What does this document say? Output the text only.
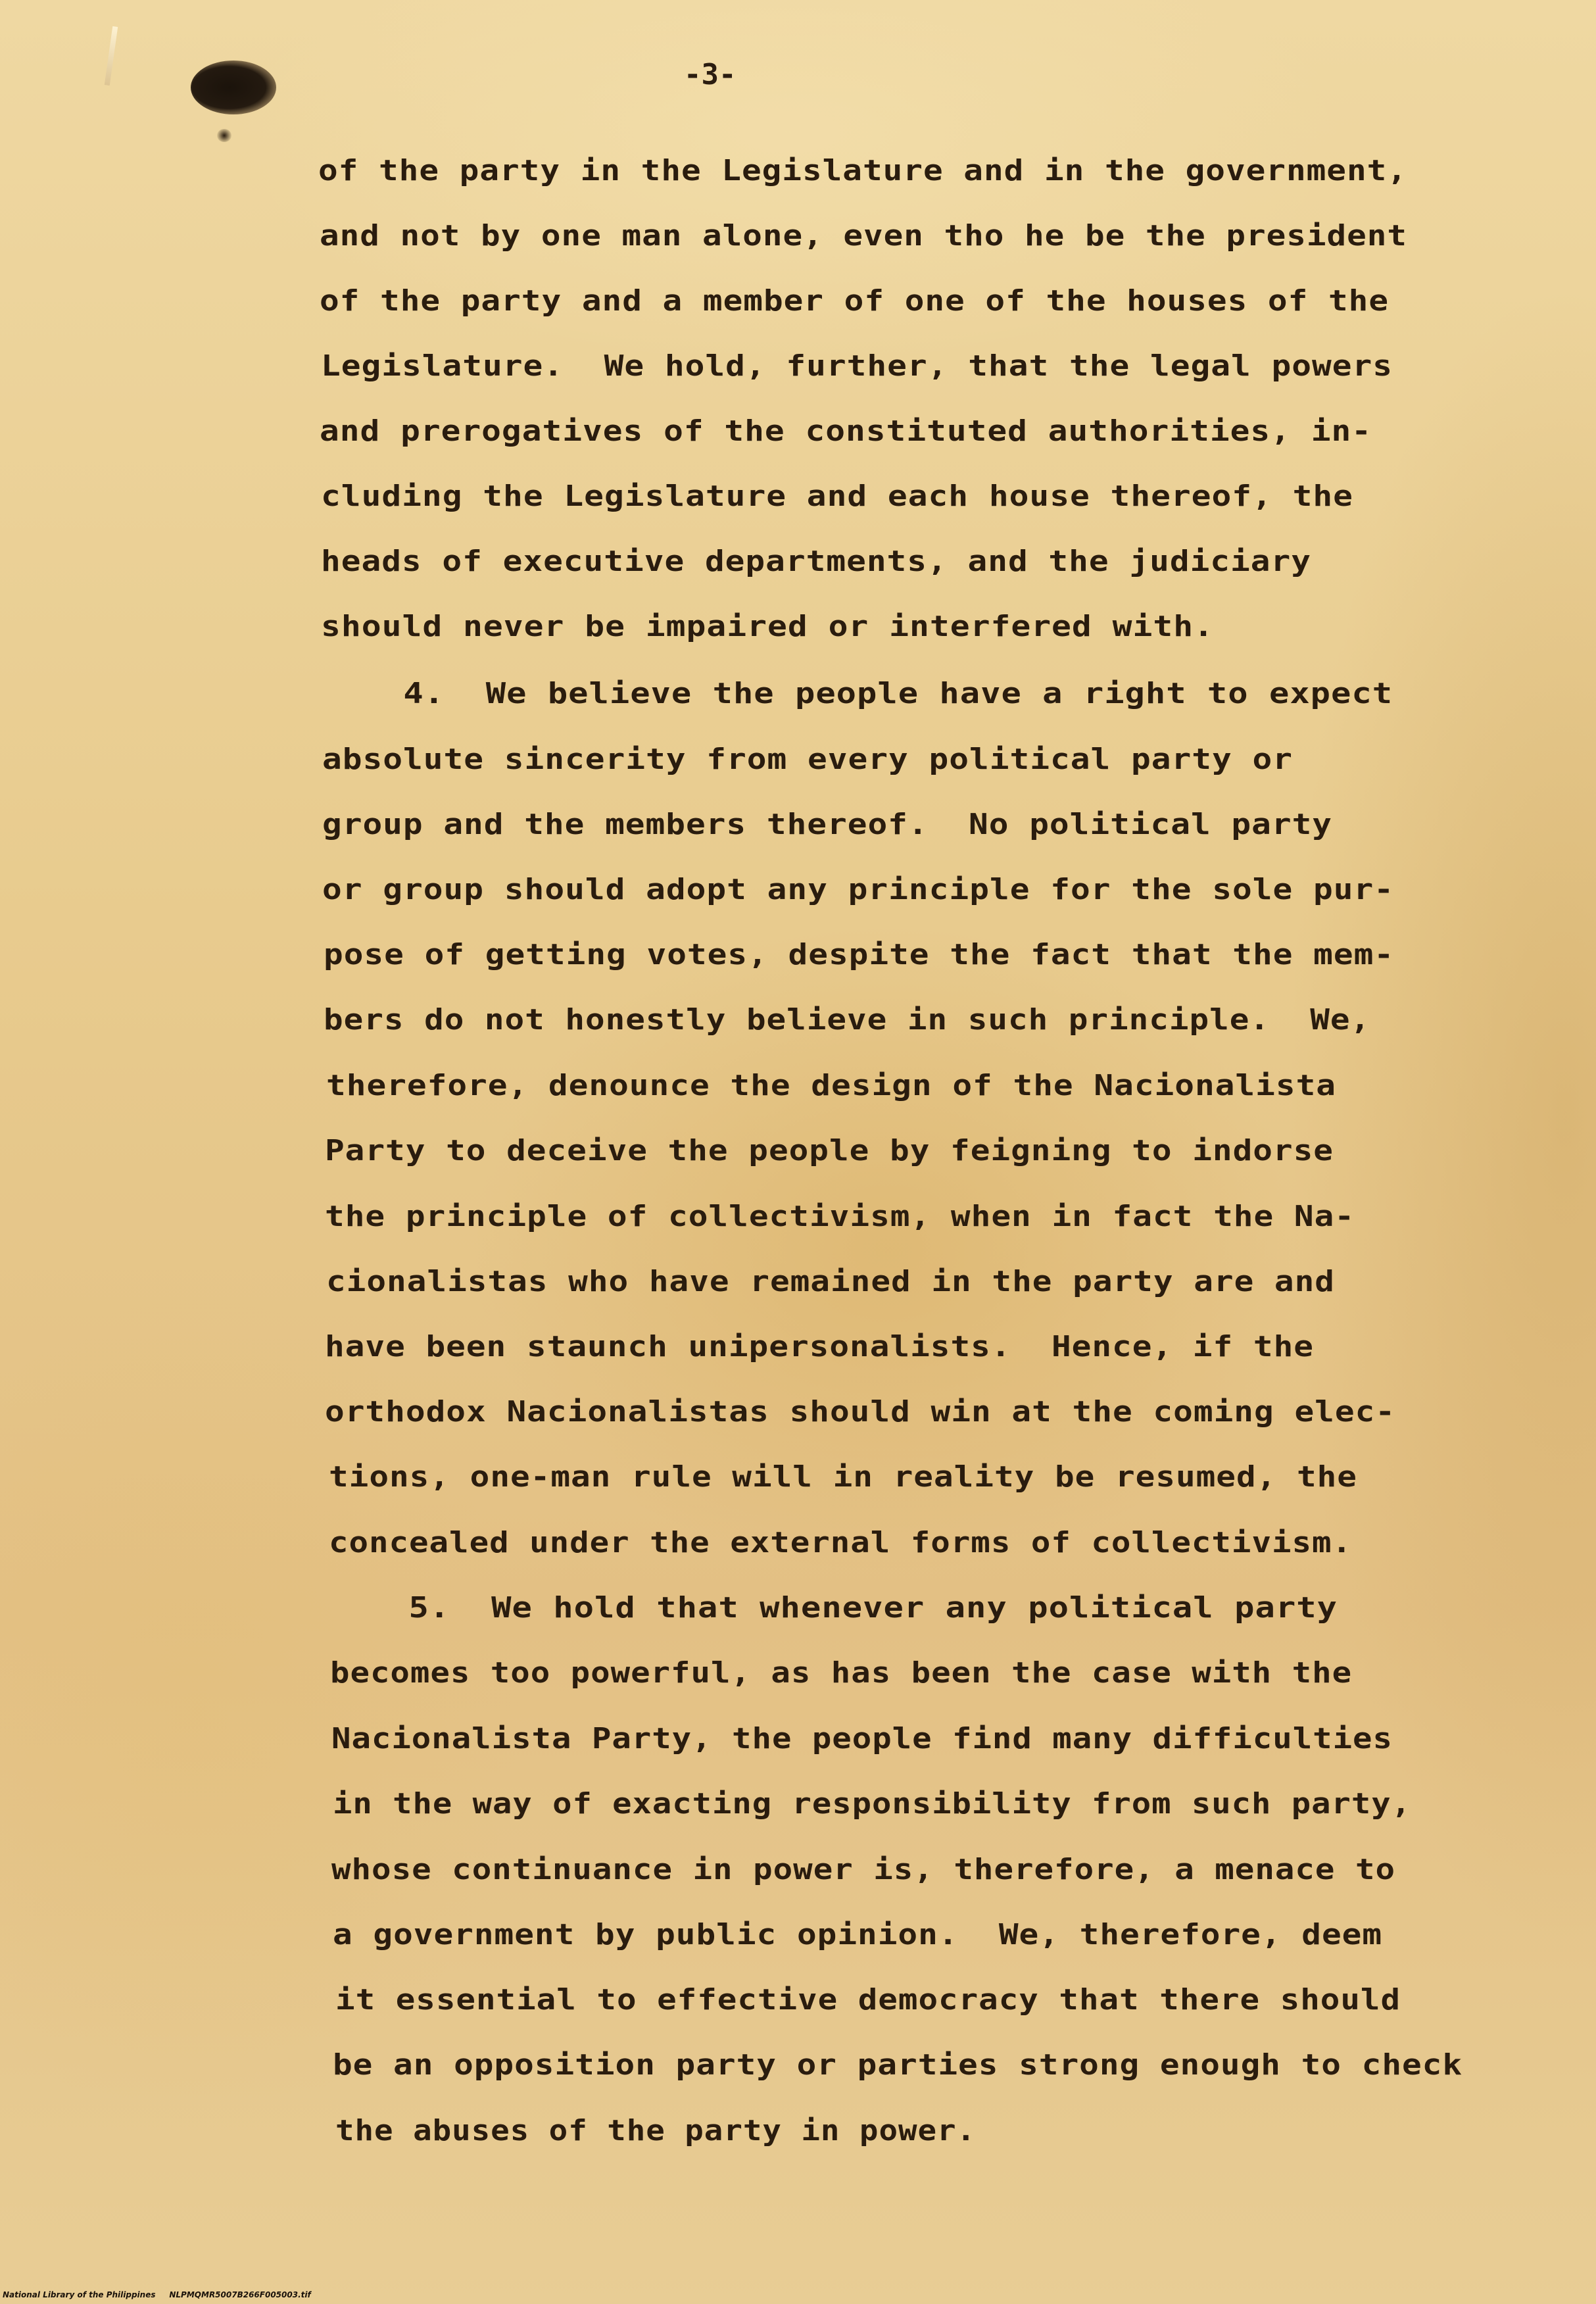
-3-

of the party in the Legislature and in the government,
and not by one man alone, even tho he be the president
of the party and a member of one of the houses of the
Legislature.  We hold, further, that the legal powers
and prerogatives of the constituted authorities, in-
cluding the Legislature and each house thereof, the
heads of executive departments, and the judiciary
should never be impaired or interfered with.
4.  We believe the people have a right to expect
absolute sincerity from every political party or
group and the members thereof.  No political party
or group should adopt any principle for the sole pur-
pose of getting votes, despite the fact that the mem-
bers do not honestly believe in such principle.  We,
therefore, denounce the design of the Nacionalista
Party to deceive the people by feigning to indorse
the principle of collectivism, when in fact the Na-
cionalistas who have remained in the party are and
have been staunch unipersonalists.  Hence, if the
orthodox Nacionalistas should win at the coming elec-
tions, one-man rule will in reality be resumed, the
concealed under the external forms of collectivism.
5.  We hold that whenever any political party
becomes too powerful, as has been the case with the
Nacionalista Party, the people find many difficulties
in the way of exacting responsibility from such party,
whose continuance in power is, therefore, a menace to
a government by public opinion.  We, therefore, deem
it essential to effective democracy that there should
be an opposition party or parties strong enough to check
the abuses of the party in power.

National Library of the Philippines     NLPMQMR5007B266F005003.tif
